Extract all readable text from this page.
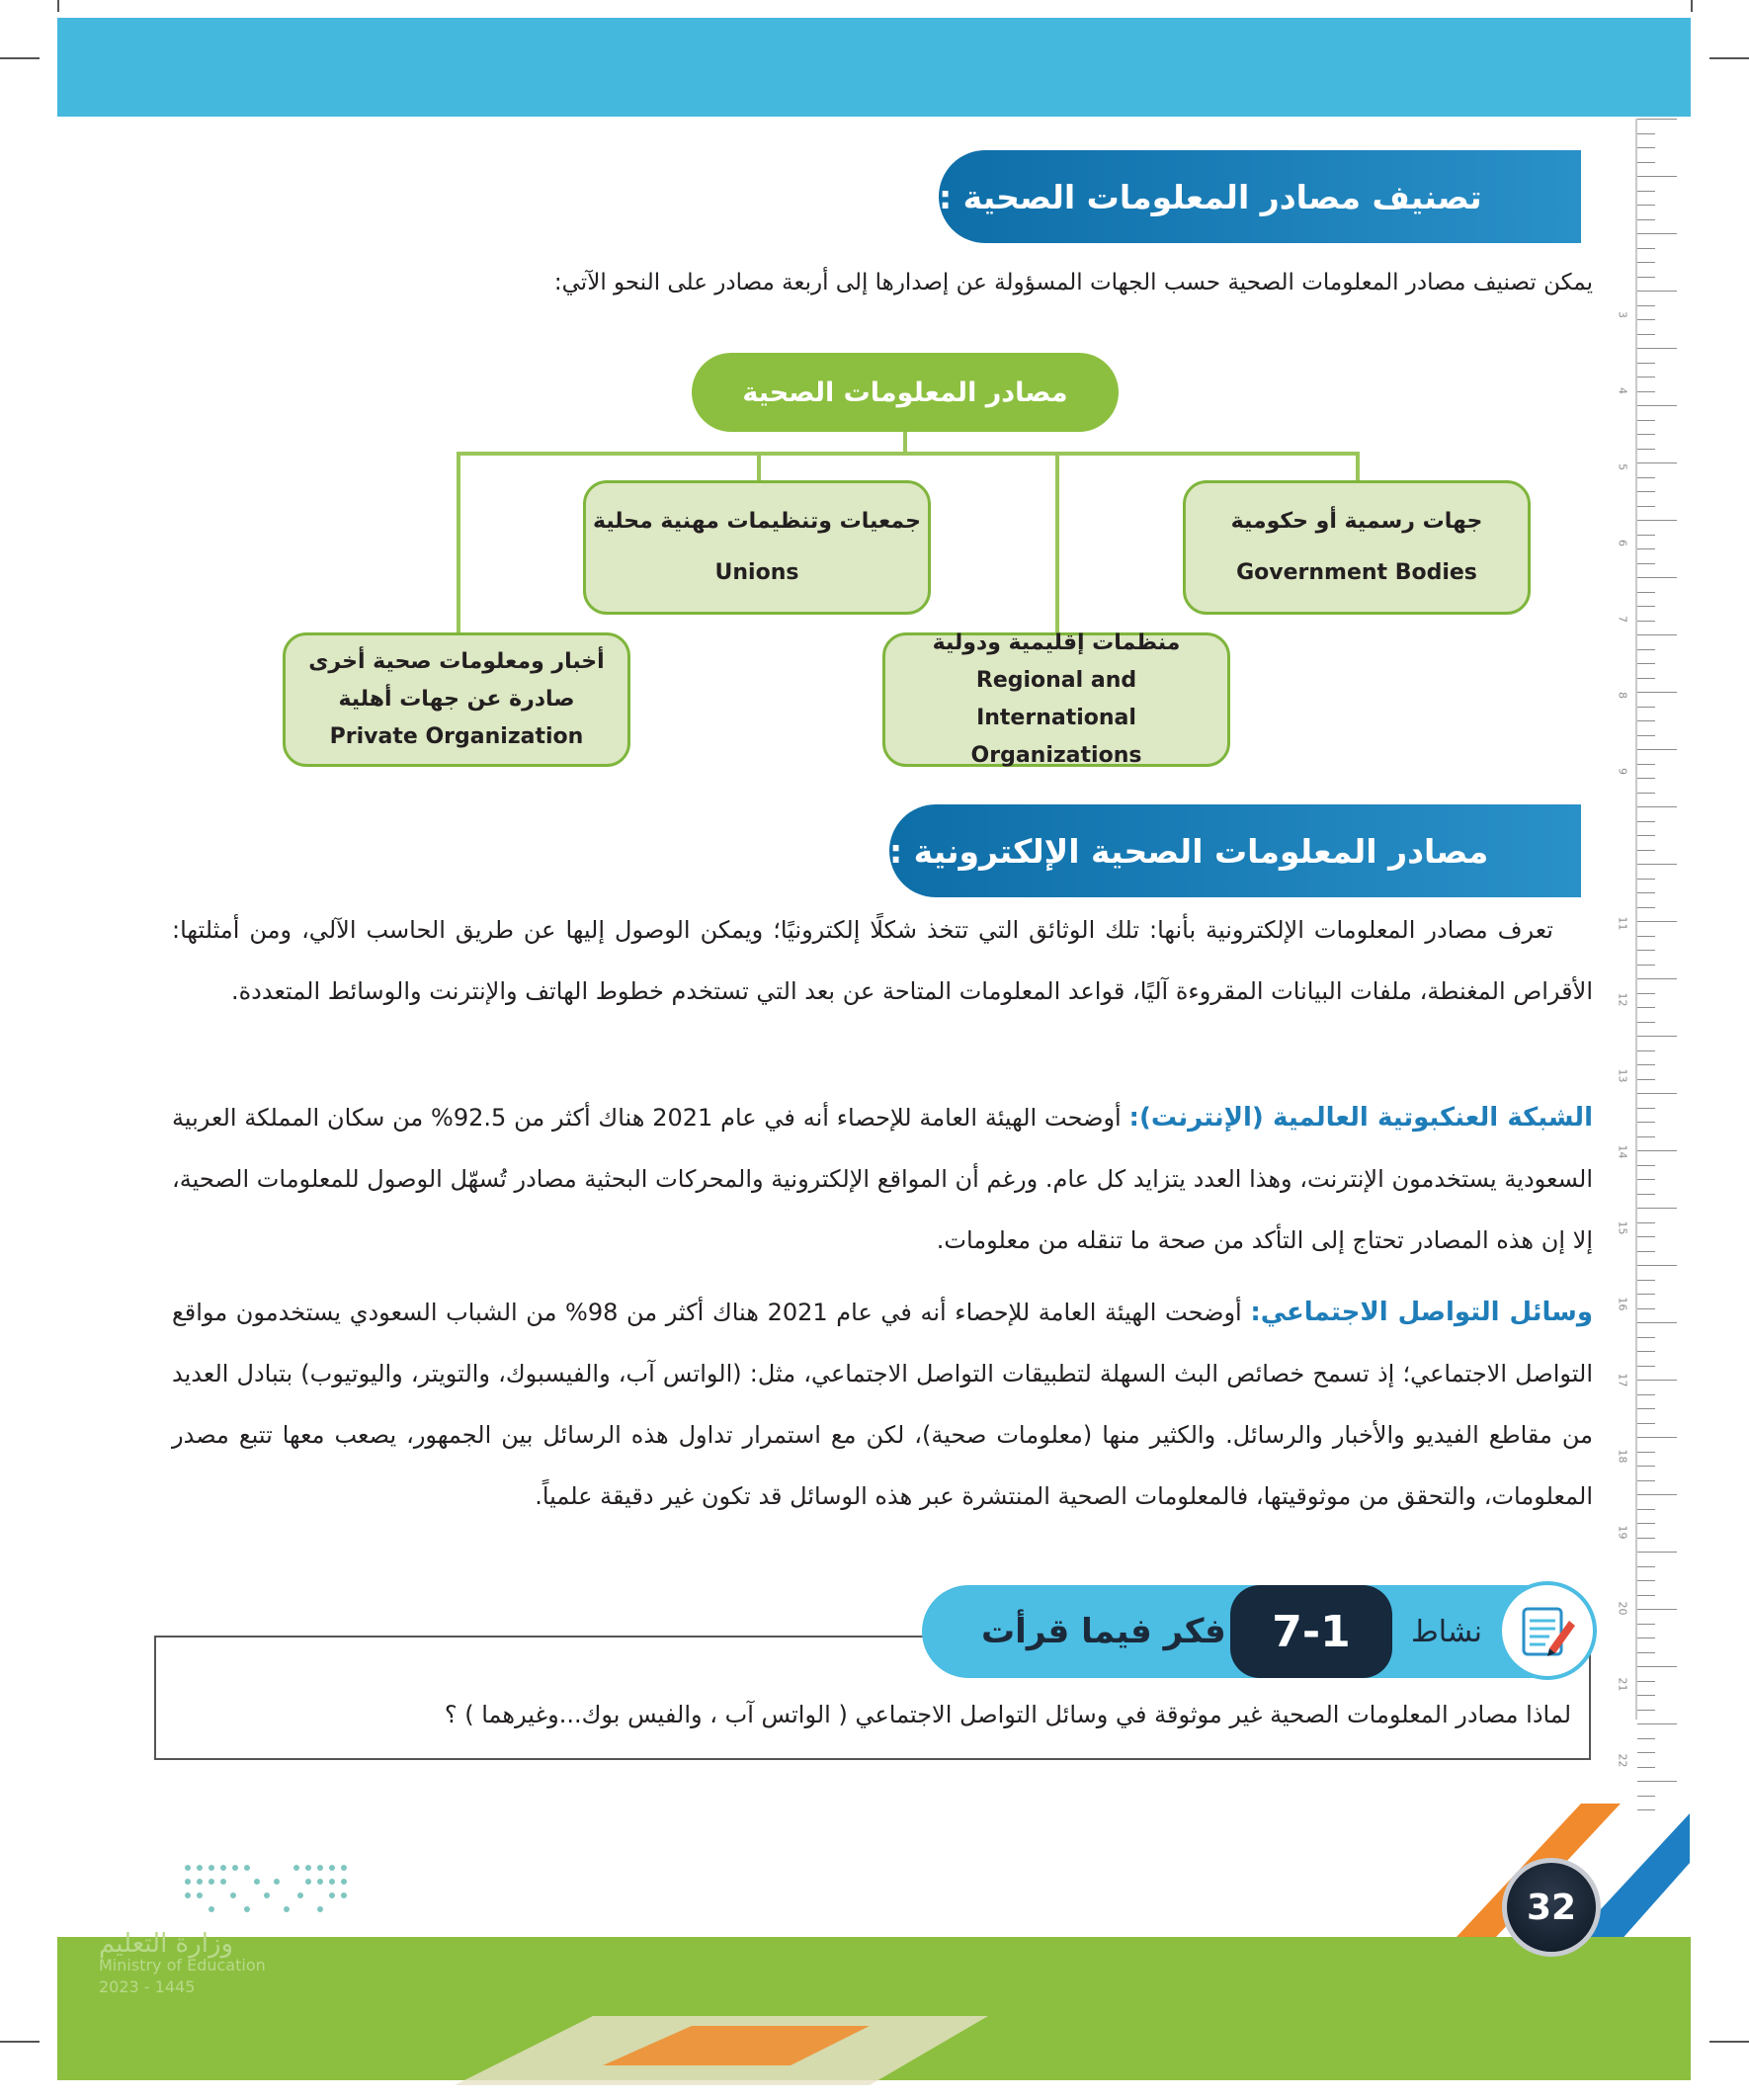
3
4
5
6
7
8
9
11
12
13
14
15
16
17
18
19
20
21
22
تصنيف مصادر المعلومات الصحية :
يمكن تصنيف مصادر المعلومات الصحية حسب الجهات المسؤولة عن إصدارها إلى أربعة مصادر على النحو الآتي:
مصادر المعلومات الصحية
جهات رسمية أو حكومية
Government Bodies
جمعيات وتنظيمات مهنية محلية
Unions
منظمات إقليمية ودولية
Regional and International Organizations
أخبار ومعلومات صحية أخرى
صادرة عن جهات أهلية
Private Organization
مصادر المعلومات الصحية الإلكترونية :
تعرف مصادر المعلومات الإلكترونية بأنها: تلك الوثائق التي تتخذ شكلًا إلكترونيًا؛ ويمكن الوصول إليها عن طريق الحاسب الآلي، ومن أمثلتها: الأقراص المغنطة، ملفات البيانات المقروءة آليًا، قواعد المعلومات المتاحة عن بعد التي تستخدم خطوط الهاتف والإنترنت والوسائط المتعددة.
الشبكة العنكبوتية العالمية (الإنترنت): أوضحت الهيئة العامة للإحصاء أنه في عام 2021 هناك أكثر من 92.5% من سكان المملكة العربية السعودية يستخدمون الإنترنت، وهذا العدد يتزايد كل عام. ورغم أن المواقع الإلكترونية والمحركات البحثية مصادر تُسهّل الوصول للمعلومات الصحية، إلا إن هذه المصادر تحتاج إلى التأكد من صحة ما تنقله من معلومات.
وسائل التواصل الاجتماعي: أوضحت الهيئة العامة للإحصاء أنه في عام 2021 هناك أكثر من 98% من الشباب السعودي يستخدمون مواقع التواصل الاجتماعي؛ إذ تسمح خصائص البث السهلة لتطبيقات التواصل الاجتماعي، مثل: (الواتس آب، والفيسبوك، والتويتر، واليوتيوب) بتبادل العديد من مقاطع الفيديو والأخبار والرسائل. والكثير منها (معلومات صحية)، لكن مع استمرار تداول هذه الرسائل بين الجمهور، يصعب معها تتبع مصدر المعلومات، والتحقق من موثوقيتها، فالمعلومات الصحية المنتشرة عبر هذه الوسائل قد تكون غير دقيقة علمياً.
لماذا مصادر المعلومات الصحية غير موثوقة في وسائل التواصل الاجتماعي ( الواتس آب ، والفيس بوك...وغيرهما ) ؟
فكر فيما قرأت	7-1	نشاط
32
وزارة التعليم
Ministry of Education
2023 - 1445
